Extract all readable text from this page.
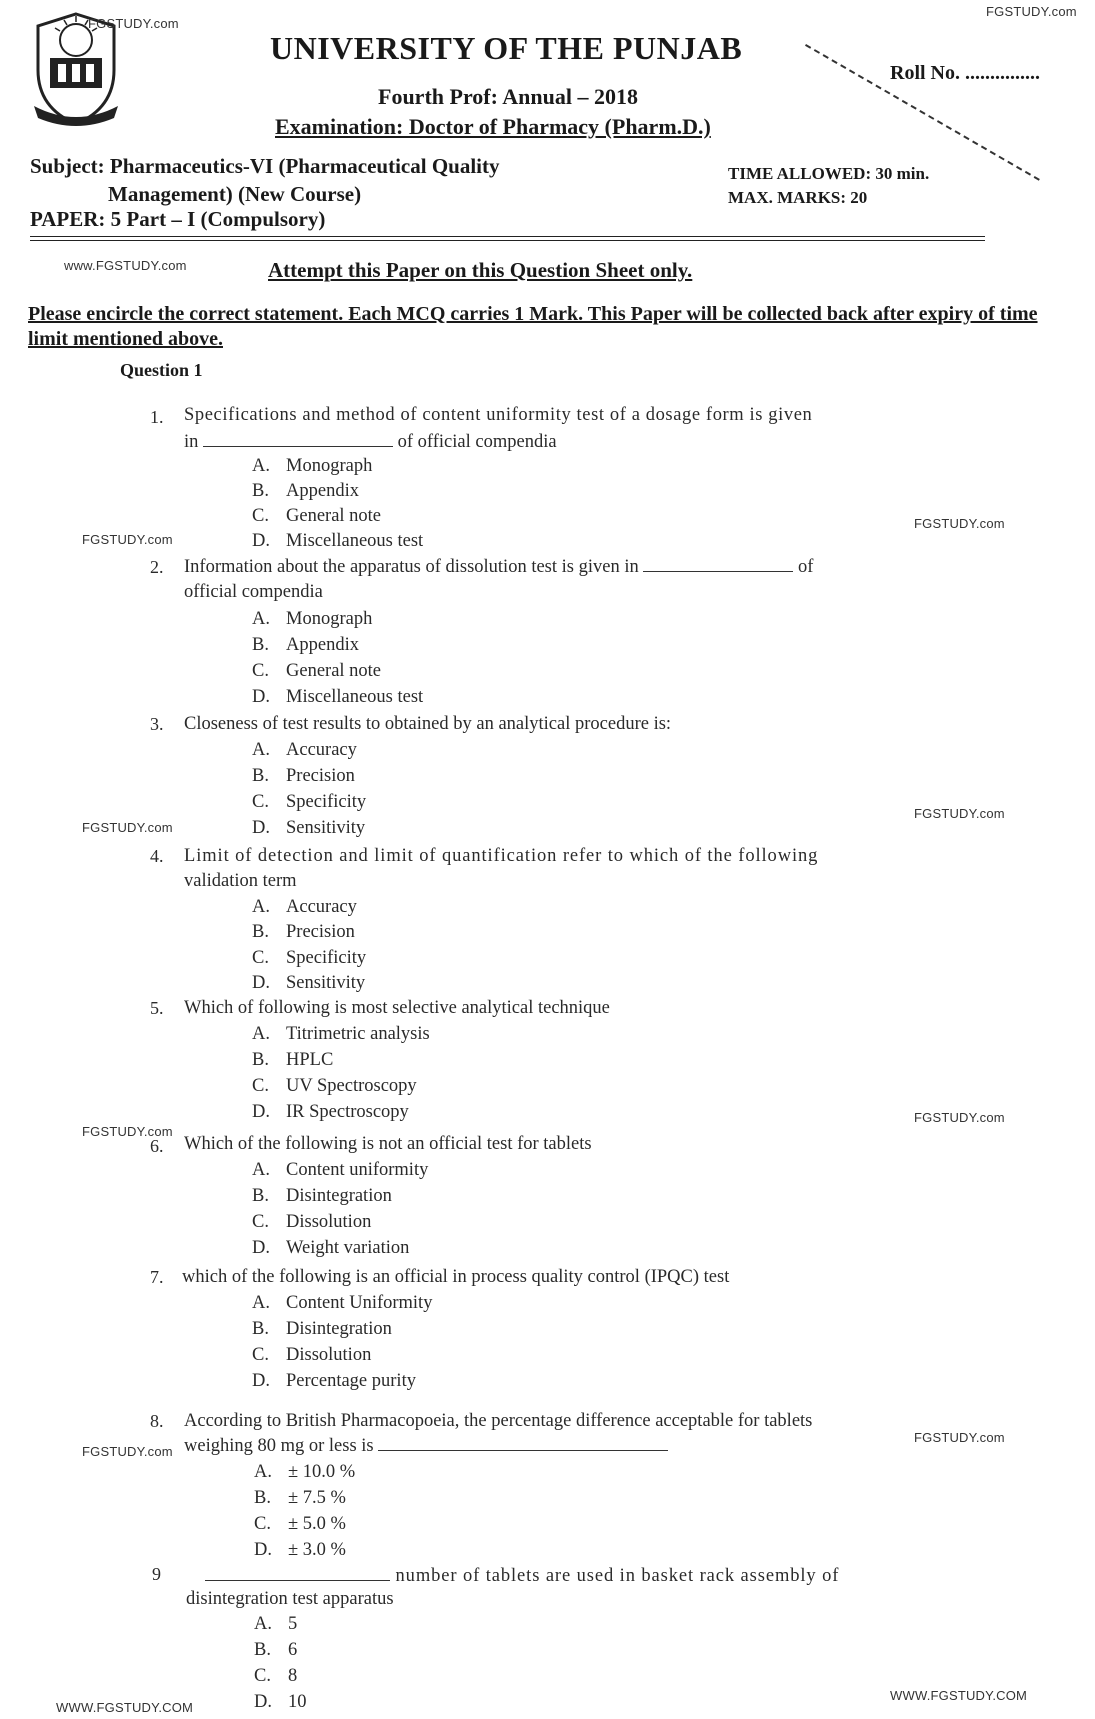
FGSTUDY.com
FGSTUDY.com
www.FGSTUDY.com
FGSTUDY.com
FGSTUDY.com
FGSTUDY.com
FGSTUDY.com
FGSTUDY.com
FGSTUDY.com
FGSTUDY.com
FGSTUDY.com
WWW.FGSTUDY.COM
WWW.FGSTUDY.COM
UNIVERSITY OF THE PUNJAB
Fourth Prof: Annual – 2018
Examination: Doctor of Pharmacy (Pharm.D.)
Roll No. ...............
Subject: Pharmaceutics-VI (Pharmaceutical Quality
Management) (New Course)
PAPER: 5 Part – I (Compulsory)
TIME ALLOWED: 30 min.
MAX. MARKS: 20
Attempt this Paper on this Question Sheet only.
Please encircle the correct statement. Each MCQ carries 1 Mark. This Paper will be collected back after expiry of time limit mentioned above.
Question 1
1. Specifications and method of content uniformity test of a dosage form is given
in	of official compendia
A. Monograph
B. Appendix
C. General note
D. Miscellaneous test
2. Information about the apparatus of dissolution test is given in	of
official compendia
A. Monograph
B. Appendix
C. General note
D. Miscellaneous test
3. Closeness of test results to obtained by an analytical procedure is:
A. Accuracy
B. Precision
C. Specificity
D. Sensitivity
4. Limit of detection and limit of quantification refer to which of the following
validation term
A. Accuracy
B. Precision
C. Specificity
D. Sensitivity
5. Which of following is most selective analytical technique
A. Titrimetric analysis
B. HPLC
C. UV Spectroscopy
D. IR Spectroscopy
6. Which of the following is not an official test for tablets
A. Content uniformity
B. Disintegration
C. Dissolution
D. Weight variation
7. which of the following is an official in process quality control (IPQC) test
A. Content Uniformity
B. Disintegration
C. Dissolution
D. Percentage purity
8. According to British Pharmacopoeia, the percentage difference acceptable for tablets
weighing 80 mg or less is
A. ± 10.0 %
B. ± 7.5 %
C. ± 5.0 %
D. ± 3.0 %
9	number of tablets are used in basket rack assembly of
disintegration test apparatus
A. 5
B. 6
C. 8
D. 10
